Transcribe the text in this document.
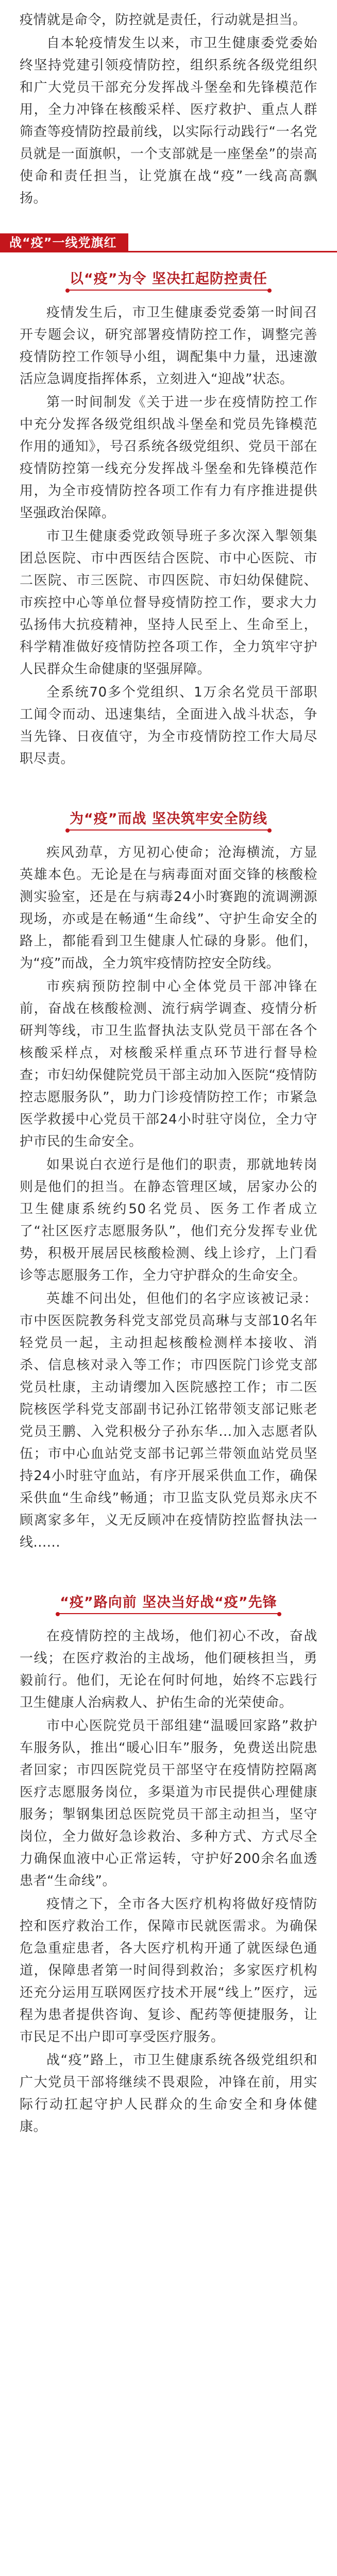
疫情就是命令，防控就是责任，行动就是担当。

自本轮疫情发生以来，市卫生健康委党委始终坚持党建引领疫情防控，组织系统各级党组织和广大党员干部充分发挥战斗堡垒和先锋模范作用，全力冲锋在核酸采样、医疗救护、重点人群筛查等疫情防控最前线，以实际行动践行“一名党员就是一面旗帜，一个支部就是一座堡垒”的崇高使命和责任担当，让党旗在战“疫”一线高高飘扬。

战“疫”一线党旗红
以“疫”为令 坚决扛起防控责任

疫情发生后，市卫生健康委党委第一时间召开专题会议，研究部署疫情防控工作，调整完善疫情防控工作领导小组，调配集中力量，迅速激活应急调度指挥体系，立刻进入“迎战”状态。

第一时间制发《关于进一步在疫情防控工作中充分发挥各级党组织战斗堡垒和党员先锋模范作用的通知》，号召系统各级党组织、党员干部在疫情防控第一线充分发挥战斗堡垒和先锋模范作用，为全市疫情防控各项工作有力有序推进提供坚强政治保障。

市卫生健康委党政领导班子多次深入掣领集团总医院、市中西医结合医院、市中心医院、市二医院、市三医院、市四医院、市妇幼保健院、市疾控中心等单位督导疫情防控工作，要求大力弘扬伟大抗疫精神，坚持人民至上、生命至上，科学精准做好疫情防控各项工作，全力筑牢守护人民群众生命健康的坚强屏障。

全系统70多个党组织、1万余名党员干部职工闻令而动、迅速集结，全面进入战斗状态，争当先锋、日夜值守，为全市疫情防控工作大局尽职尽责。

为“疫”而战 坚决筑牢安全防线

疾风劲草，方见初心使命；沧海横流，方显英雄本色。无论是在与病毒面对面交锋的核酸检测实验室，还是在与病毒24小时赛跑的流调溯源现场，亦或是在畅通“生命线”、守护生命安全的路上，都能看到卫生健康人忙碌的身影。他们，为“疫”而战，全力筑牢疫情防控安全防线。

市疾病预防控制中心全体党员干部冲锋在前，奋战在核酸检测、流行病学调查、疫情分析研判等线，市卫生监督执法支队党员干部在各个核酸采样点，对核酸采样重点环节进行督导检查；市妇幼保健院党员干部主动加入医院“疫情防控志愿服务队”，助力门诊疫情防控工作；市紧急医学救援中心党员干部24小时驻守岗位，全力守护市民的生命安全。

如果说白衣逆行是他们的职责，那就地转岗则是他们的担当。在静态管理区域，居家办公的卫生健康系统约50名党员、医务工作者成立了“社区医疗志愿服务队”，他们充分发挥专业优势，积极开展居民核酸检测、线上诊疗，上门看诊等志愿服务工作，全力守护群众的生命安全。

英雄不问出处，但他们的名字应该被记录：市中医医院教务科党支部党员高琳与支部10名年轻党员一起，主动担起核酸检测样本接收、消杀、信息核对录入等工作；市四医院门诊党支部党员杜康，主动请缨加入医院感控工作；市二医院核医学科党支部副书记孙江铭带领支部记账老党员王鹏、入党积极分子孙东华...加入志愿者队伍；市中心血站党支部书记郭兰带领血站党员坚持24小时驻守血站，有序开展采供血工作，确保采供血“生命线”畅通；市卫监支队党员郑永庆不顾离家多年，义无反顾冲在疫情防控监督执法一线......

“疫”路向前 坚决当好战“疫”先锋

在疫情防控的主战场，他们初心不改，奋战一线；在医疗救治的主战场，他们硬核担当，勇毅前行。他们，无论在何时何地，始终不忘践行卫生健康人治病救人、护佑生命的光荣使命。

市中心医院党员干部组建“温暖回家路”救护车服务队，推出“暖心旧车”服务，免费送出院患者回家；市四医院党员干部坚守在疫情防控隔离医疗志愿服务岗位，多渠道为市民提供心理健康服务；掣钢集团总医院党员干部主动担当，坚守岗位，全力做好急诊救治、多种方式、方式尽全力确保血液中心正常运转，守护好200余名血透患者“生命线”。

疫情之下，全市各大医疗机构将做好疫情防控和医疗救治工作，保障市民就医需求。为确保危急重症患者，各大医疗机构开通了就医绿色通道，保障患者第一时间得到救治；多家医疗机构还充分运用互联网医疗技术开展“线上”医疗，远程为患者提供咨询、复诊、配药等便捷服务，让市民足不出户即可享受医疗服务。

战“疫”路上，市卫生健康系统各级党组织和广大党员干部将继续不畏艰险，冲锋在前，用实际行动扛起守护人民群众的生命安全和身体健康。
